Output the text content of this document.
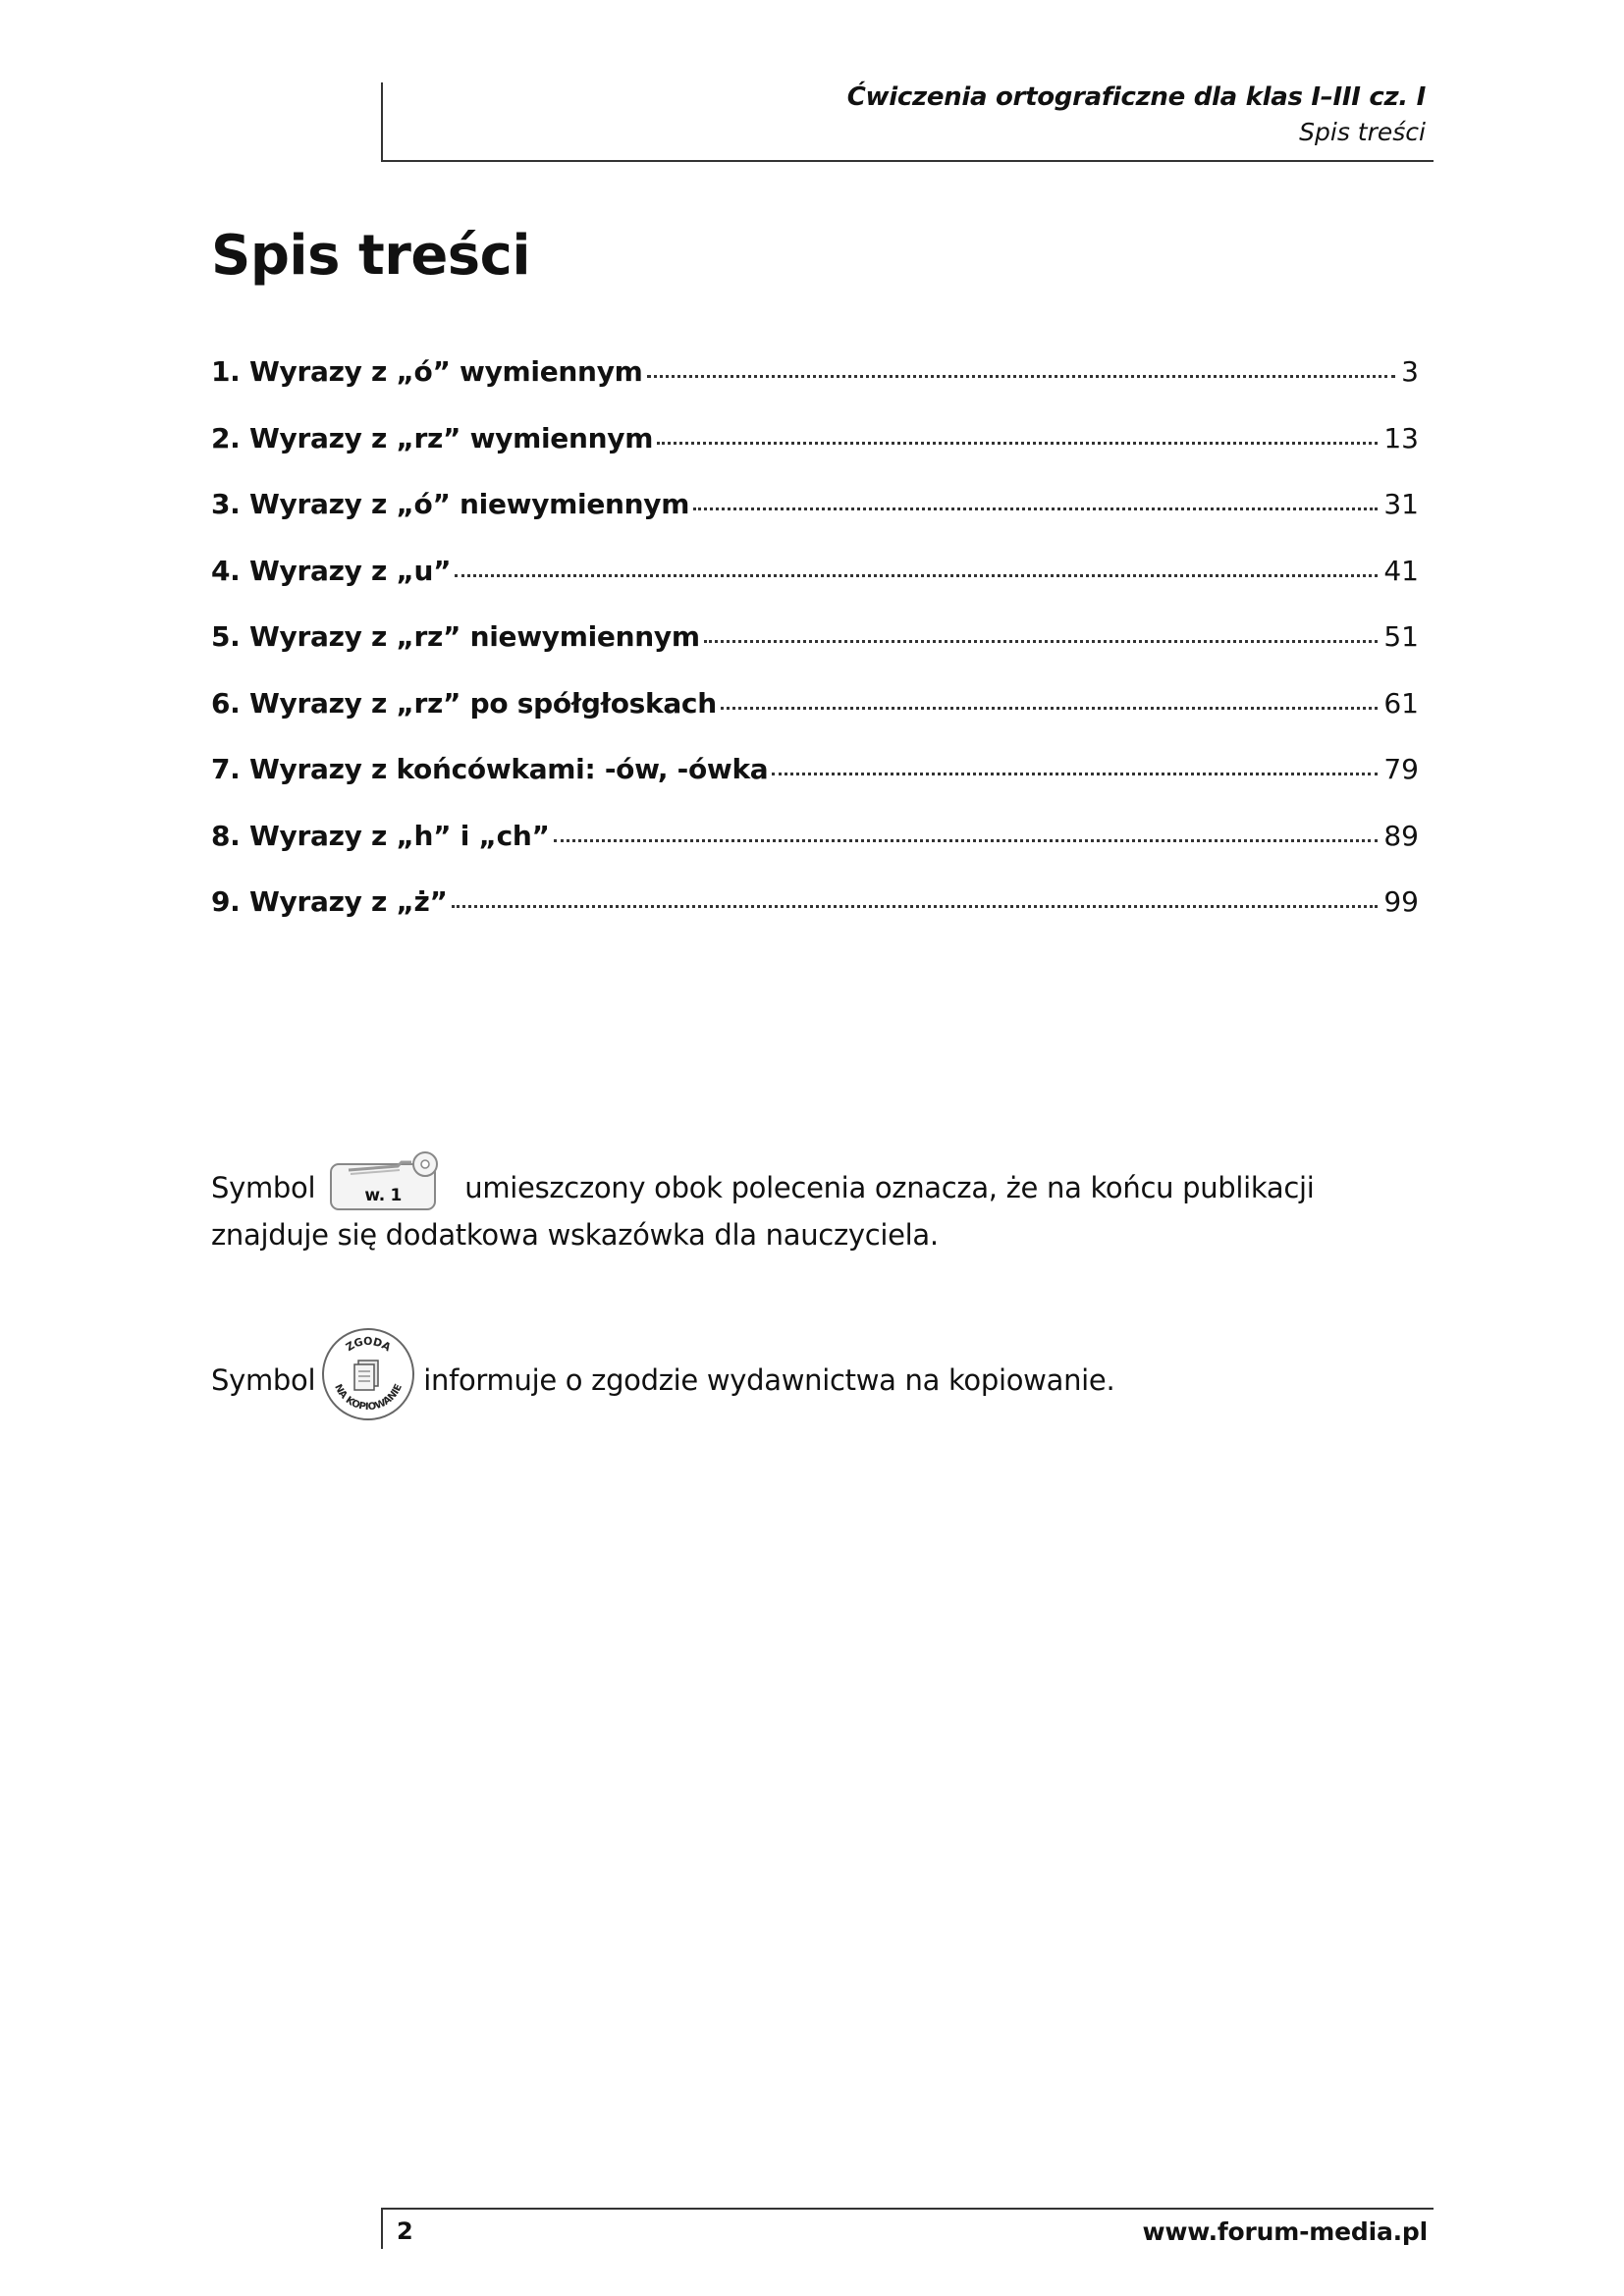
Ćwiczenia ortograficzne dla klas I–III cz. I
Spis treści
Spis treści
1. Wyrazy z „ó” wymiennym	3
2. Wyrazy z „rz” wymiennym	13
3. Wyrazy z „ó” niewymiennym	31
4. Wyrazy z „u”	41
5. Wyrazy z „rz” niewymiennym	51
6. Wyrazy z „rz” po spółgłoskach	61
7. Wyrazy z końcówkami: -ów, -ówka	79
8. Wyrazy z „h” i „ch”	89
9. Wyrazy z „ż”	99
Symbol	w. 1	umieszczony obok polecenia oznacza, że na końcu publikacji znajduje się dodatkowa wskazówka dla nauczyciela.
Symbol
ZGODA
NA KOPIOWANIE informuje o zgodzie wydawnictwa na kopiowanie.
2	www.forum-media.pl
